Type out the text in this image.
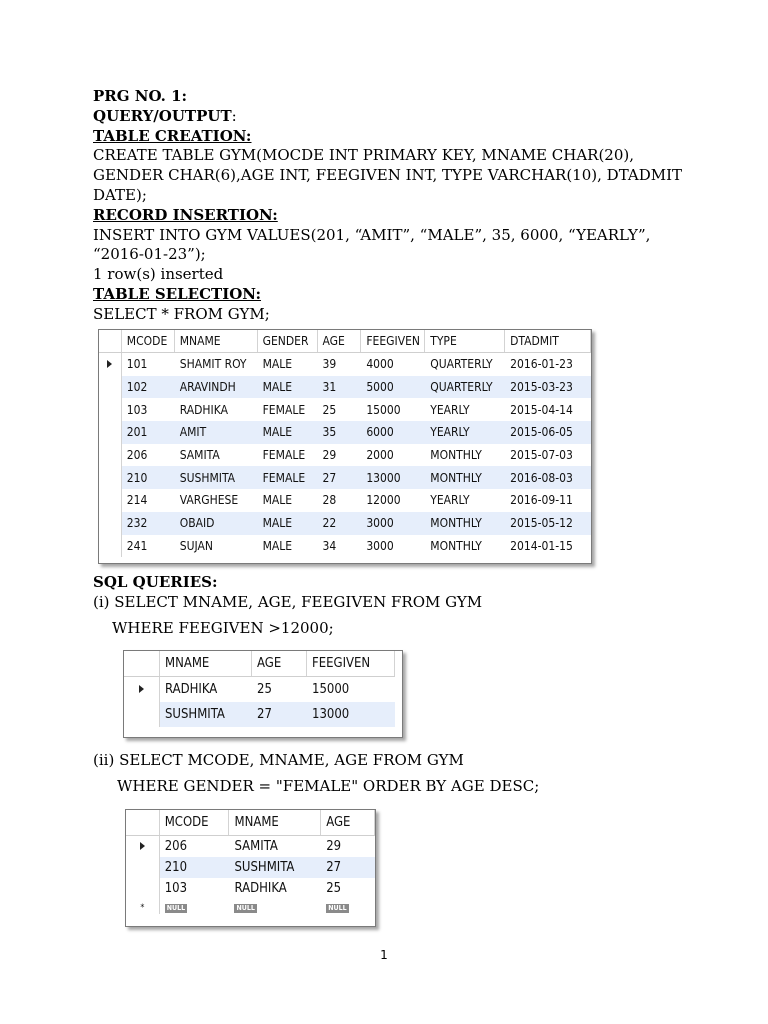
PRG NO. 1:
QUERY/OUTPUT:
TABLE CREATION:
CREATE TABLE GYM(MOCDE INT PRIMARY KEY, MNAME CHAR(20),
GENDER CHAR(6),AGE INT, FEEGIVEN INT, TYPE VARCHAR(10), DTADMIT
DATE);
RECORD INSERTION:
INSERT INTO GYM VALUES(201, “AMIT”, “MALE”, 35, 6000, “YEARLY”,
“2016-01-23”);
1 row(s) inserted
TABLE SELECTION:
SELECT * FROM GYM;
	MCODE	MNAME	GENDER	AGE	FEEGIVEN	TYPE	DTADMIT
	101	SHAMIT ROY	MALE	39	4000	QUARTERLY	2016-01-23
	102	ARAVINDH	MALE	31	5000	QUARTERLY	2015-03-23
	103	RADHIKA	FEMALE	25	15000	YEARLY	2015-04-14
	201	AMIT	MALE	35	6000	YEARLY	2015-06-05
	206	SAMITA	FEMALE	29	2000	MONTHLY	2015-07-03
	210	SUSHMITA	FEMALE	27	13000	MONTHLY	2016-08-03
	214	VARGHESE	MALE	28	12000	YEARLY	2016-09-11
	232	OBAID	MALE	22	3000	MONTHLY	2015-05-12
	241	SUJAN	MALE	34	3000	MONTHLY	2014-01-15
SQL QUERIES:
(i) SELECT MNAME, AGE, FEEGIVEN FROM GYM
WHERE FEEGIVEN >12000;
	MNAME	AGE	FEEGIVEN
	RADHIKA	25	15000
	SUSHMITA	27	13000
(ii) SELECT MCODE, MNAME, AGE FROM GYM
WHERE GENDER = "FEMALE" ORDER BY AGE DESC;
	MCODE	MNAME	AGE
	206	SAMITA	29
	210	SUSHMITA	27
	103	RADHIKA	25
*	NULL	NULL	NULL
1
